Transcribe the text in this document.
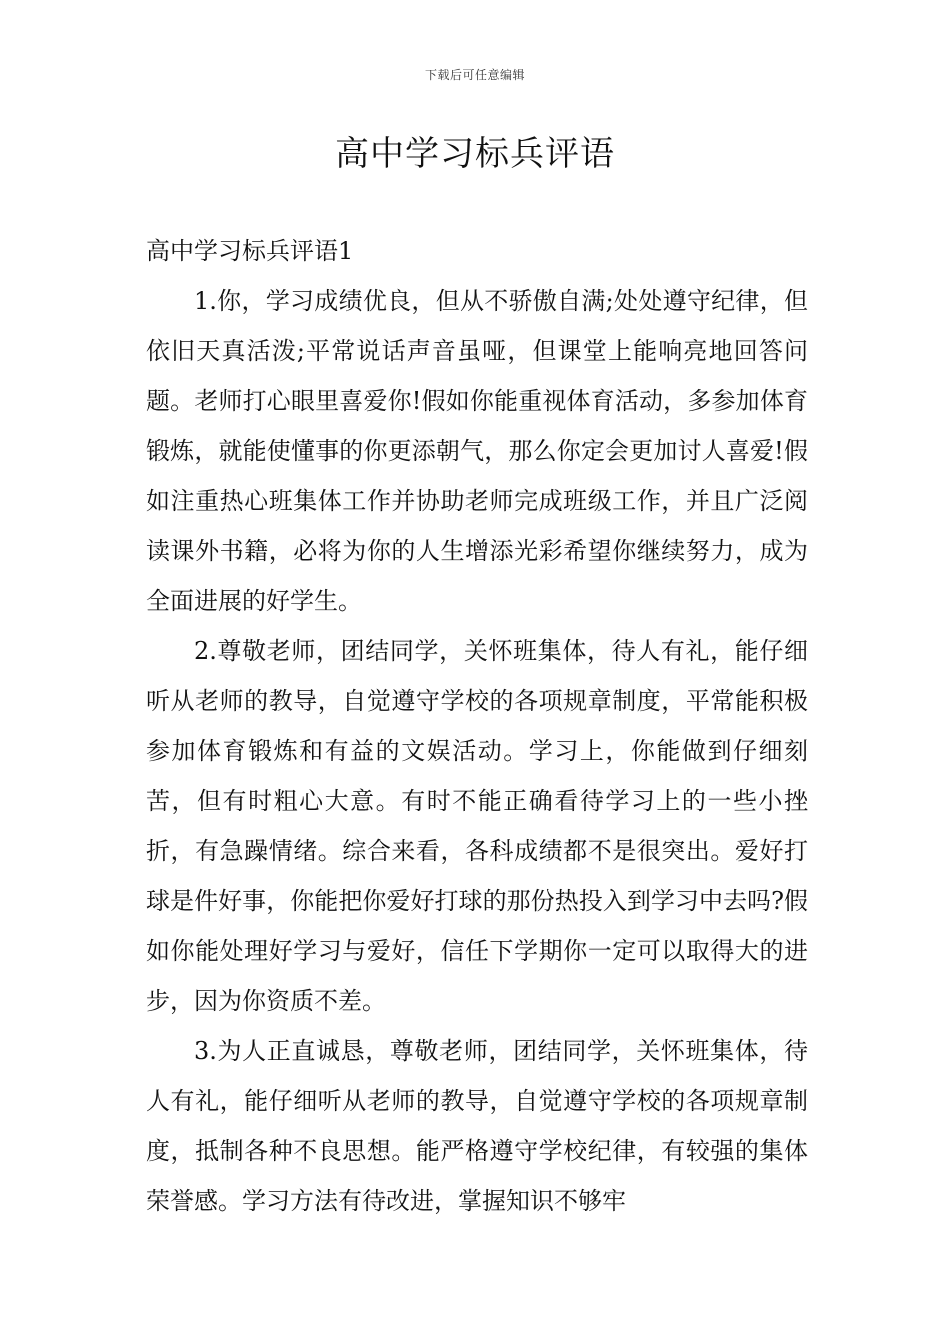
下载后可任意编辑
高中学习标兵评语
高中学习标兵评语1

1.你，学习成绩优良，但从不骄傲自满;处处遵守纪律，但依旧天真活泼;平常说话声音虽哑，但课堂上能响亮地回答问题。老师打心眼里喜爱你!假如你能重视体育活动，多参加体育锻炼，就能使懂事的你更添朝气，那么你定会更加讨人喜爱!假如注重热心班集体工作并协助老师完成班级工作，并且广泛阅读课外书籍，必将为你的人生增添光彩希望你继续努力，成为全面进展的好学生。

2.尊敬老师，团结同学，关怀班集体，待人有礼，能仔细听从老师的教导，自觉遵守学校的各项规章制度，平常能积极参加体育锻炼和有益的文娱活动。学习上，你能做到仔细刻苦，但有时粗心大意。有时不能正确看待学习上的一些小挫折，有急躁情绪。综合来看，各科成绩都不是很突出。爱好打球是件好事，你能把你爱好打球的那份热投入到学习中去吗?假如你能处理好学习与爱好，信任下学期你一定可以取得大的进步，因为你资质不差。

3.为人正直诚恳，尊敬老师，团结同学，关怀班集体，待人有礼，能仔细听从老师的教导，自觉遵守学校的各项规章制度，抵制各种不良思想。能严格遵守学校纪律，有较强的集体荣誉感。学习方法有待改进，掌握知识不够牢
